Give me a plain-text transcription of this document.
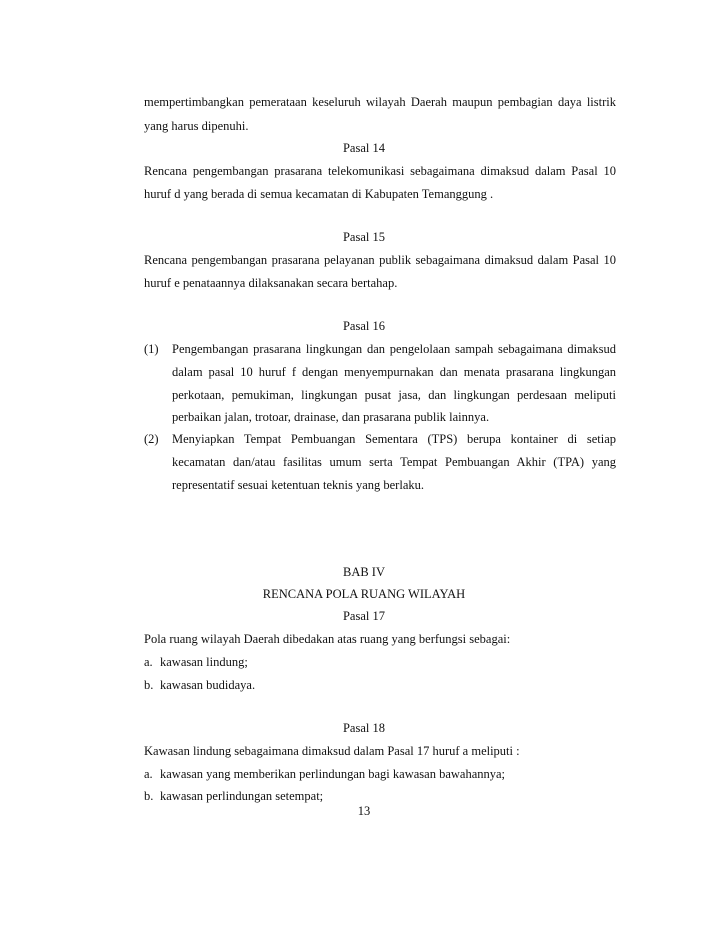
mempertimbangkan pemerataan keseluruh wilayah Daerah maupun pembagian daya listrik
yang harus dipenuhi.
Pasal 14
Rencana pengembangan prasarana telekomunikasi sebagaimana dimaksud dalam Pasal 10
huruf d yang berada di semua kecamatan di Kabupaten Temanggung .
Pasal 15
Rencana pengembangan prasarana pelayanan publik sebagaimana dimaksud dalam Pasal 10
huruf e penataannya dilaksanakan secara bertahap.
Pasal 16
(1) Pengembangan prasarana lingkungan dan pengelolaan sampah sebagaimana dimaksud
dalam pasal 10 huruf f dengan menyempurnakan dan menata prasarana lingkungan
perkotaan, pemukiman, lingkungan pusat jasa, dan lingkungan perdesaan meliputi
perbaikan jalan, trotoar, drainase, dan prasarana publik lainnya.
(2) Menyiapkan Tempat Pembuangan Sementara (TPS) berupa kontainer di setiap
kecamatan dan/atau fasilitas umum serta Tempat Pembuangan Akhir (TPA) yang
representatif sesuai ketentuan teknis yang berlaku.
BAB IV
RENCANA POLA RUANG WILAYAH
Pasal 17
Pola ruang wilayah Daerah dibedakan atas ruang yang berfungsi sebagai:
a. kawasan lindung;
b. kawasan budidaya.
Pasal 18
Kawasan lindung sebagaimana dimaksud dalam Pasal 17 huruf a meliputi :
a. kawasan yang memberikan perlindungan bagi kawasan bawahannya;
b. kawasan perlindungan setempat;
13
